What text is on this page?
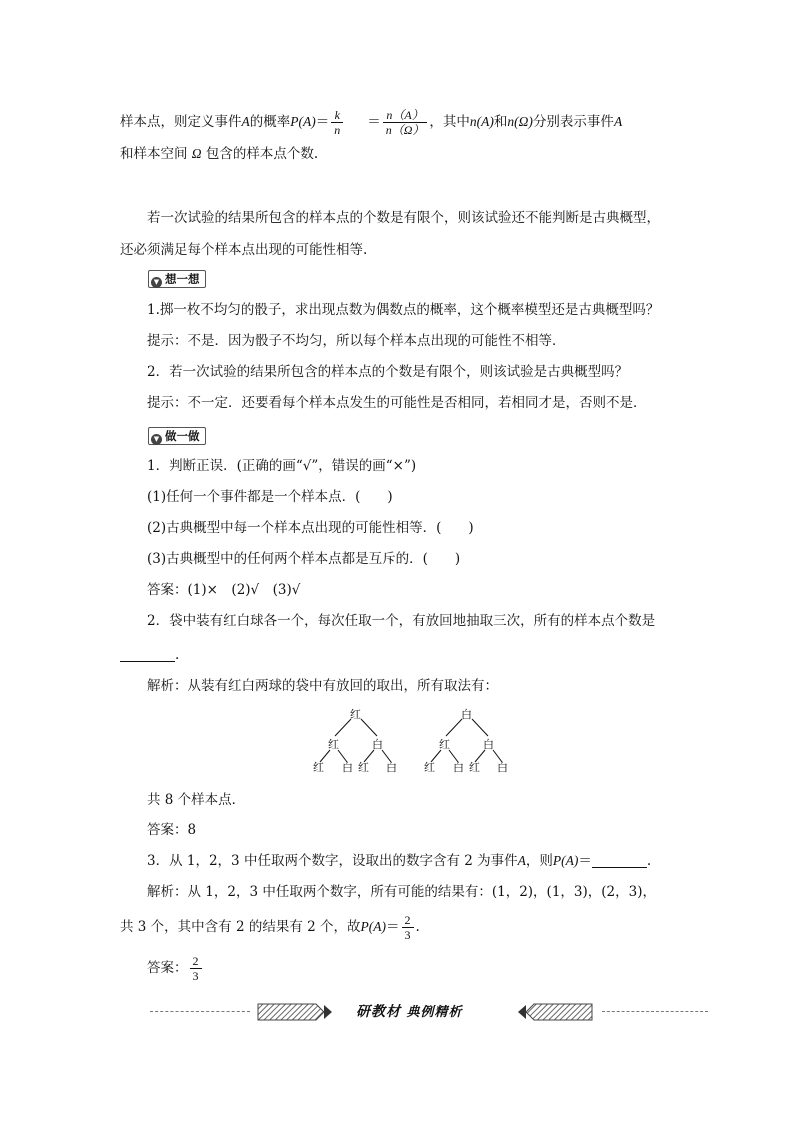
样本点，则定义事件A的概率$P(A)= \frac{k}{n} = \frac{n(A)}{n(\Omega)}$ ，其中n(A)和n(Ω)分别表示事件A
和样本空间 Ω 包含的样本点个数.
若一次试验的结果所包含的样本点的个数是有限个，则该试验还不能判断是古典概型，
还必须满足每个样本点出现的可能性相等.
▼ 想一想
1.掷一枚不均匀的骰子，求出现点数为偶数点的概率，这个概率模型还是古典概型吗？
提示：不是．因为骰子不均匀，所以每个样本点出现的可能性不相等．
2．若一次试验的结果所包含的样本点的个数是有限个，则该试验是古典概型吗？
提示：不一定．还要看每个样本点发生的可能性是否相同，若相同才是，否则不是．
▼ 做一做
1．判断正误．(正确的画“√”，错误的画“×”)
(1)任何一个事件都是一个样本点．(　　)
(2)古典概型中每一个样本点出现的可能性相等．(　　)
(3)古典概型中的任何两个样本点都是互斥的．(　　)
答案：(1)×　(2)√　(3)√
2．袋中装有红白球各一个，每次任取一个，有放回地抽取三次，所有的样本点个数是
.
解析：从装有红白两球的袋中有放回的取出，所有取法有：
红
红	白
红 白 红 白
白
红	白
红 白 红 白
共 8 个样本点．
答案：8
3．从 1，2，3 中任取两个数字，设取出的数字含有 2 为事件A，则P(A)＝	.
解析：从 1，2，3 中任取两个数字，所有可能的结果有：(1，2)，(1，3)，(2，3)，
共 3 个，其中含有 2 的结果有 2 个，故$P(A)= \frac{2}{3}$ .
答案： $\frac{2}{3}$
研教材 典例精析
